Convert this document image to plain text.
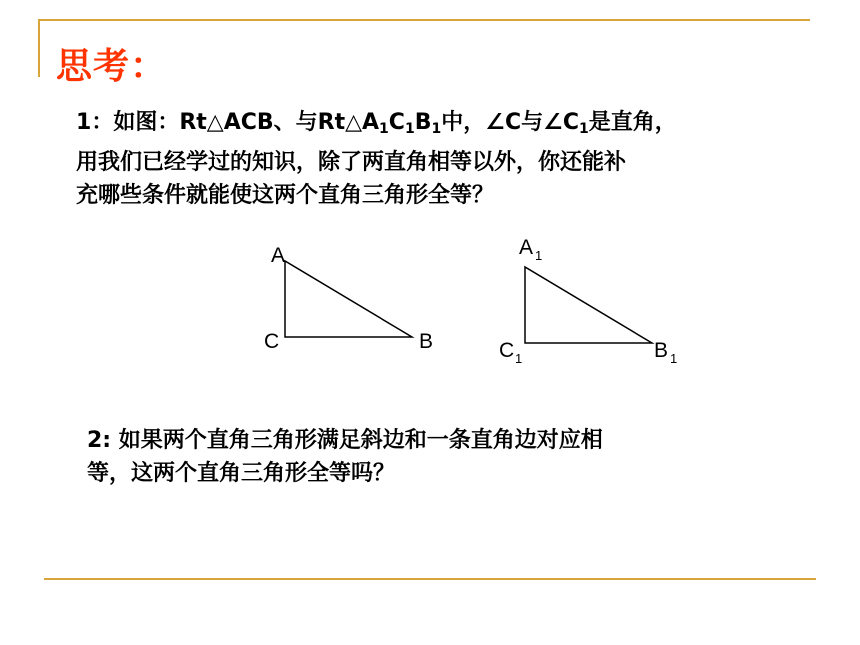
思考：
1：如图：Rt△ACB、与$Rt\triangle A_1C_1B_1$中，∠C与$\angle C_1$是直角，
用我们已经学过的知识，除了两直角相等以外，你还能补
充哪些条件就能使这两个直角三角形全等？
A
C	B
A 1
C 1	B 1
2: 如果两个直角三角形满足斜边和一条直角边对应相
等，这两个直角三角形全等吗？
